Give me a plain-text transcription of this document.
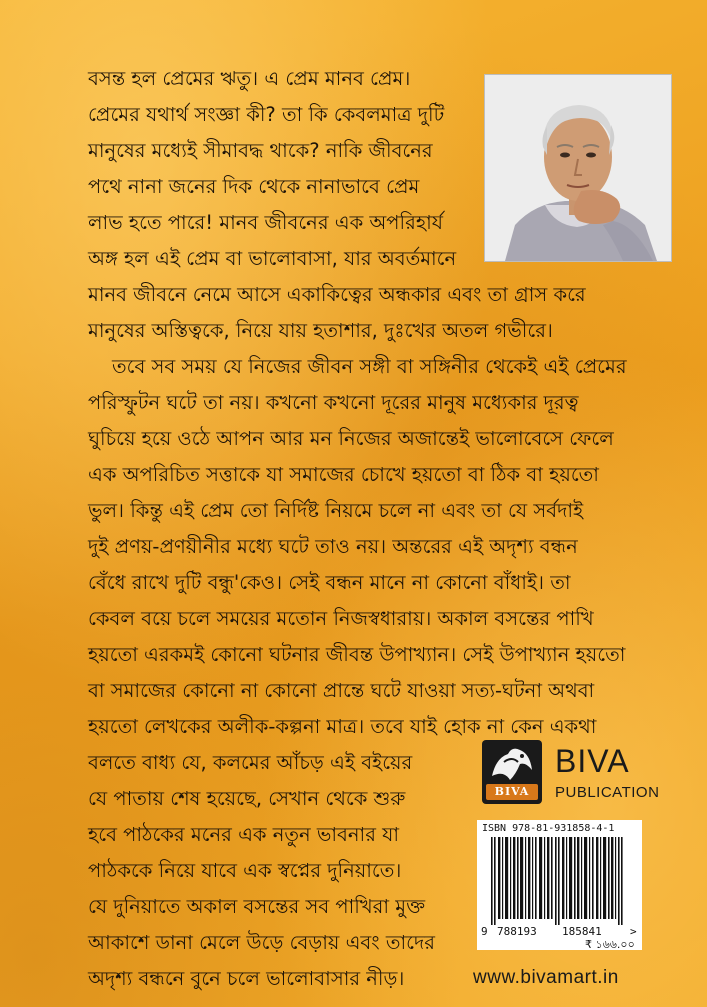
বসন্ত হল প্রেমের ঋতু। এ প্রেম মানব প্রেম।
প্রেমের যথার্থ সংজ্ঞা কী? তা কি কেবলমাত্র দুটি
মানুষের মধ্যেই সীমাবদ্ধ থাকে? নাকি জীবনের
পথে নানা জনের দিক থেকে নানাভাবে প্রেম
লাভ হতে পারে! মানব জীবনের এক অপরিহার্য
অঙ্গ হল এই প্রেম বা ভালোবাসা, যার অবর্তমানে
মানব জীবনে নেমে আসে একাকিত্বের অন্ধকার এবং তা গ্রাস করে
মানুষের অস্তিত্বকে, নিয়ে যায় হতাশার, দুঃখের অতল গভীরে।
তবে সব সময় যে নিজের জীবন সঙ্গী বা সঙ্গিনীর থেকেই এই প্রেমের
পরিস্ফুটন ঘটে তা নয়। কখনো কখনো দূরের মানুষ মধ্যেকার দূরত্ব
ঘুচিয়ে হয়ে ওঠে আপন আর মন নিজের অজান্তেই ভালোবেসে ফেলে
এক অপরিচিত সত্তাকে যা সমাজের চোখে হয়তো বা ঠিক বা হয়তো
ভুল। কিন্তু এই প্রেম তো নির্দিষ্ট নিয়মে চলে না এবং তা যে সর্বদাই
দুই প্রণয়-প্রণয়ীনীর মধ্যে ঘটে তাও নয়। অন্তরের এই অদৃশ্য বন্ধন
বেঁধে রাখে দুটি বন্ধু'কেও। সেই বন্ধন মানে না কোনো বাঁধাই। তা
কেবল বয়ে চলে সময়ের মতোন নিজস্বধারায়। অকাল বসন্তের পাখি
হয়তো এরকমই কোনো ঘটনার জীবন্ত উপাখ্যান। সেই উপাখ্যান হয়তো
বা সমাজের কোনো না কোনো প্রান্তে ঘটে যাওয়া সত্য-ঘটনা অথবা
হয়তো লেখকের অলীক-কল্পনা মাত্র। তবে যাই হোক না কেন একথা
বলতে বাধ্য যে, কলমের আঁচড় এই বইয়ের
যে পাতায় শেষ হয়েছে, সেখান থেকে শুরু
হবে পাঠকের মনের এক নতুন ভাবনার যা
পাঠককে নিয়ে যাবে এক স্বপ্নের দুনিয়াতে।
যে দুনিয়াতে অকাল বসন্তের সব পাখিরা মুক্ত
আকাশে ডানা মেলে উড়ে বেড়ায় এবং তাদের
অদৃশ্য বন্ধনে বুনে চলে ভালোবাসার নীড়।
BIVA
BIVA
PUBLICATION
ISBN 978-81-931858-4-1
9 788193 185841	>
₹ ১৬৬.০০
www.bivamart.in
